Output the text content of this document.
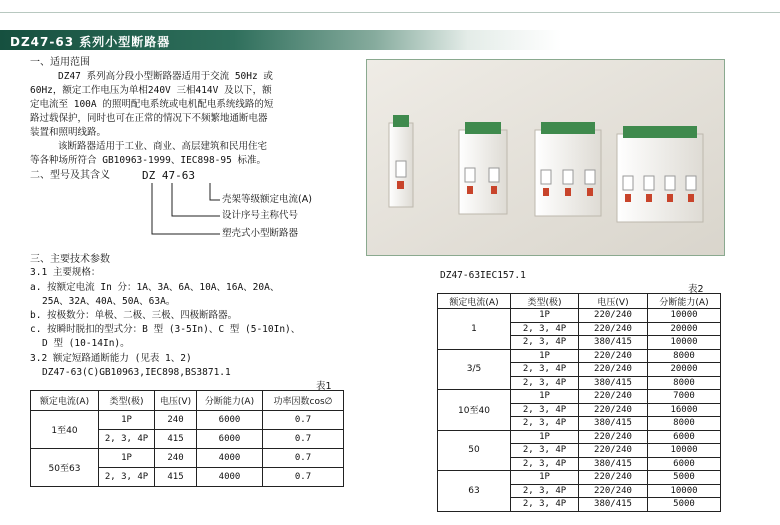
DZ47-63 系列小型断路器
一、适用范围
DZ47 系列高分段小型断路器适用于交流 50Hz 或
60Hz，额定工作电压为单相240V 三相414V 及以下，额
定电流至 100A 的照明配电系统或电机配电系统线路的短
路过载保护，同时也可在正常的情况下不频繁地通断电器
装置和照明线路。
该断路器适用于工业、商业、高层建筑和民用住宅
等各种场所符合 GB10963-1999、IEC898-95 标准。
二、型号及其含义	DZ 47-63
壳架等级额定电流(A)
设计序号主称代号
塑壳式小型断路器
三、主要技术参数
3.1 主要规格：
a. 按额定电流 In 分：1A、3A、6A、10A、16A、20A、
25A、32A、40A、50A、63A。
b. 按极数分：单极、二极、三极、四极断路器。
c. 按瞬时脱扣的型式分：B 型 (3-5In)、C 型 (5-10In)、
D 型 (10-14In)。
3.2 额定短路通断能力 (见表 1、2)
DZ47-63(C)GB10963,IEC898,BS3871.1
表1
额定电流(A)	类型(极)	电压(V)	分断能力(A)	功率因数cos∅
1至40	1P	240	6000	0.7
	2, 3, 4P	415	6000	0.7
50至63	1P	240	4000	0.7
	2, 3, 4P	415	4000	0.7
DZ47-63IEC157.1
表2
额定电流(A)	类型(极)	电压(V)	分断能力(A)
1	1P	220/240	10000
	2, 3, 4P	220/240	20000
	2, 3, 4P	380/415	10000
3/5	1P	220/240	8000
	2, 3, 4P	220/240	20000
	2, 3, 4P	380/415	8000
10至40	1P	220/240	7000
	2, 3, 4P	220/240	16000
	2, 3, 4P	380/415	8000
50	1P	220/240	6000
	2, 3, 4P	220/240	10000
	2, 3, 4P	380/415	6000
63	1P	220/240	5000
	2, 3, 4P	220/240	10000
	2, 3, 4P	380/415	5000
